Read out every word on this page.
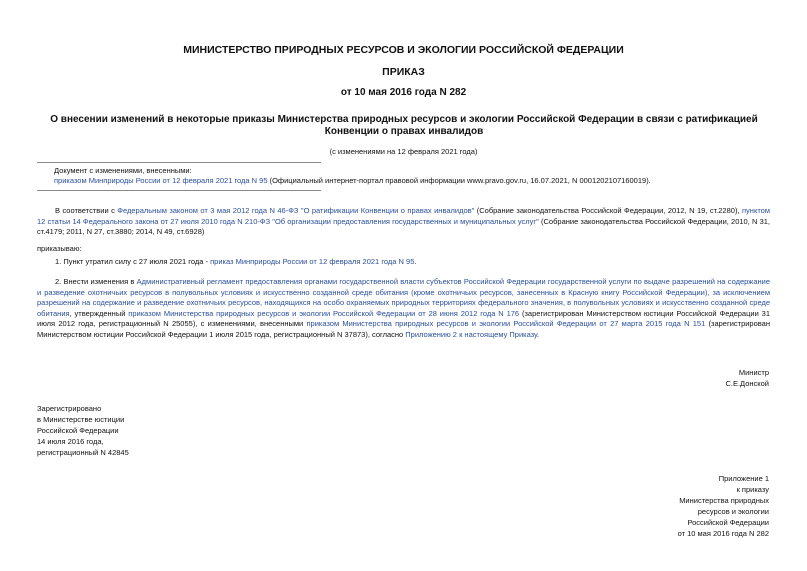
МИНИСТЕРСТВО ПРИРОДНЫХ РЕСУРСОВ И ЭКОЛОГИИ РОССИЙСКОЙ ФЕДЕРАЦИИ
ПРИКАЗ
от 10 мая 2016 года N 282
О внесении изменений в некоторые приказы Министерства природных ресурсов и экологии Российской Федерации в связи с ратификацией Конвенции о правах инвалидов
(с изменениями на 12 февраля 2021 года)
Документ с изменениями, внесенными:
приказом Минприроды России от 12 февраля 2021 года N 95 (Официальный интернет-портал правовой информации www.pravo.gov.ru, 16.07.2021, N 0001202107160019).
В соответствии с Федеральным законом от 3 мая 2012 года N 46-ФЗ "О ратификации Конвенции о правах инвалидов" (Собрание законодательства Российской Федерации, 2012, N 19, ст.2280), пунктом 12 статьи 14 Федерального закона от 27 июля 2010 года N 210-ФЗ "Об организации предоставления государственных и муниципальных услуг" (Собрание законодательства Российской Федерации, 2010, N 31, ст.4179; 2011, N 27, ст.3880; 2014, N 49, ст.6928)
приказываю:
1. Пункт утратил силу с 27 июля 2021 года - приказ Минприроды России от 12 февраля 2021 года N 95.
2. Внести изменения в Административный регламент предоставления органами государственной власти субъектов Российской Федерации государственной услуги по выдаче разрешений на содержание и разведение охотничьих ресурсов в полувольных условиях и искусственно созданной среде обитания (кроме охотничьих ресурсов, занесенных в Красную книгу Российской Федерации), за исключением разрешений на содержание и разведение охотничьих ресурсов, находящихся на особо охраняемых природных территориях федерального значения, в полувольных условиях и искусственно созданной среде обитания, утвержденный приказом Министерства природных ресурсов и экологии Российской Федерации от 28 июня 2012 года N 176 (зарегистрирован Министерством юстиции Российской Федерации 31 июля 2012 года, регистрационный N 25055), с изменениями, внесенными приказом Министерства природных ресурсов и экологии Российской Федерации от 27 марта 2015 года N 151 (зарегистрирован Министерством юстиции Российской Федерации 1 июля 2015 года, регистрационный N 37873), согласно Приложению 2 к настоящему Приказу.
Министр
С.Е.Донской
Зарегистрировано
в Министерстве юстиции
Российской Федерации
14 июля 2016 года,
регистрационный N 42845
Приложение 1
к приказу
Министерства природных
ресурсов и экологии
Российской Федерации
от 10 мая 2016 года N 282
